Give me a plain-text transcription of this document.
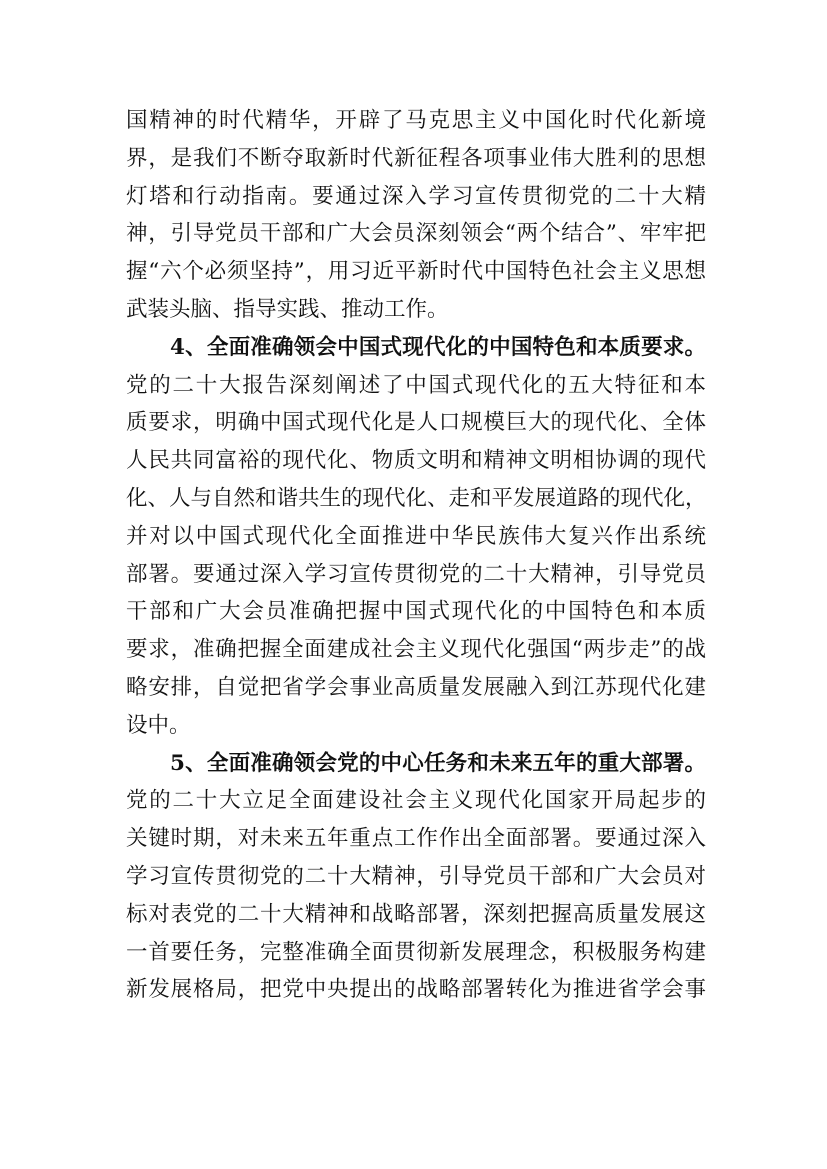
国精神的时代精华，开辟了马克思主义中国化时代化新境
界，是我们不断夺取新时代新征程各项事业伟大胜利的思想
灯塔和行动指南。要通过深入学习宣传贯彻党的二十大精
神，引导党员干部和广大会员深刻领会“两个结合”、牢牢把
握“六个必须坚持”，用习近平新时代中国特色社会主义思想
武装头脑、指导实践、推动工作。
4、全面准确领会中国式现代化的中国特色和本质要求。
党的二十大报告深刻阐述了中国式现代化的五大特征和本
质要求，明确中国式现代化是人口规模巨大的现代化、全体
人民共同富裕的现代化、物质文明和精神文明相协调的现代
化、人与自然和谐共生的现代化、走和平发展道路的现代化，
并对以中国式现代化全面推进中华民族伟大复兴作出系统
部署。要通过深入学习宣传贯彻党的二十大精神，引导党员
干部和广大会员准确把握中国式现代化的中国特色和本质
要求，准确把握全面建成社会主义现代化强国“两步走”的战
略安排，自觉把省学会事业高质量发展融入到江苏现代化建
设中。
5、全面准确领会党的中心任务和未来五年的重大部署。
党的二十大立足全面建设社会主义现代化国家开局起步的
关键时期，对未来五年重点工作作出全面部署。要通过深入
学习宣传贯彻党的二十大精神，引导党员干部和广大会员对
标对表党的二十大精神和战略部署，深刻把握高质量发展这
一首要任务，完整准确全面贯彻新发展理念，积极服务构建
新发展格局，把党中央提出的战略部署转化为推进省学会事
